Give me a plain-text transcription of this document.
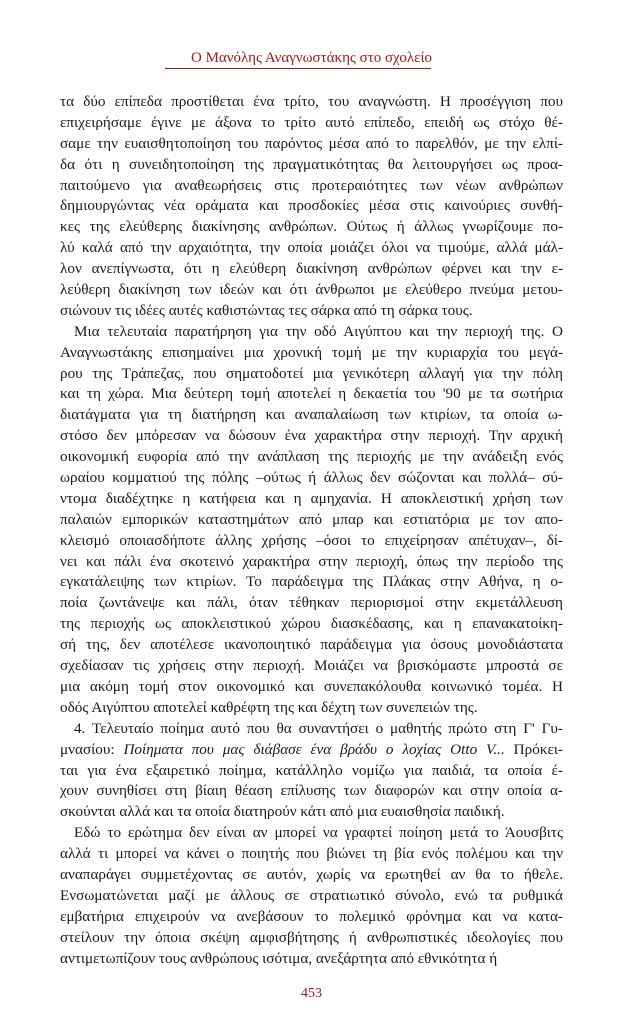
Ο Μανόλης Αναγνωστάκης στο σχολείο
τα δύο επίπεδα προστίθεται ένα τρίτο, του αναγνώστη. Η προσέγγιση που
επιχειρήσαμε έγινε με άξονα το τρίτο αυτό επίπεδο, επειδή ως στόχο θέ-
σαμε την ευαισθητοποίηση του παρόντος μέσα από το παρελθόν, με την ελπί-
δα ότι η συνειδητοποίηση της πραγματικότητας θα λειτουργήσει ως προα-
παιτούμενο για αναθεωρήσεις στις προτεραιότητες των νέων ανθρώπων
δημιουργώντας νέα οράματα και προσδοκίες μέσα στις καινούριες συνθή-
κες της ελεύθερης διακίνησης ανθρώπων. Ούτως ή άλλως γνωρίζουμε πο-
λύ καλά από την αρχαιότητα, την οποία μοιάζει όλοι να τιμούμε, αλλά μάλ-
λον ανεπίγνωστα, ότι η ελεύθερη διακίνηση ανθρώπων φέρνει και την ε-
λεύθερη διακίνηση των ιδεών και ότι άνθρωποι με ελεύθερο πνεύμα μετου-
σιώνουν τις ιδέες αυτές καθιστώντας τες σάρκα από τη σάρκα τους.
Μια τελευταία παρατήρηση για την οδό Αιγύπτου και την περιοχή της. Ο
Αναγνωστάκης επισημαίνει μια χρονική τομή με την κυριαρχία του μεγά-
ρου της Τράπεζας, που σηματοδοτεί μια γενικότερη αλλαγή για την πόλη
και τη χώρα. Μια δεύτερη τομή αποτελεί η δεκαετία του '90 με τα σωτήρια
διατάγματα για τη διατήρηση και αναπαλαίωση των κτιρίων, τα οποία ω-
στόσο δεν μπόρεσαν να δώσουν ένα χαρακτήρα στην περιοχή. Την αρχική
οικονομική ευφορία από την ανάπλαση της περιοχής με την ανάδειξη ενός
ωραίου κομματιού της πόλης –ούτως ή άλλως δεν σώζονται και πολλά– σύ-
ντομα διαδέχτηκε η κατήφεια και η αμηχανία. Η αποκλειστική χρήση των
παλαιών εμπορικών καταστημάτων από μπαρ και εστιατόρια με τον απο-
κλεισμό οποιασδήποτε άλλης χρήσης –όσοι το επιχείρησαν απέτυχαν–, δί-
νει και πάλι ένα σκοτεινό χαρακτήρα στην περιοχή, όπως την περίοδο της
εγκατάλειψης των κτιρίων. Το παράδειγμα της Πλάκας στην Αθήνα, η ο-
ποία ζωντάνεψε και πάλι, όταν τέθηκαν περιορισμοί στην εκμετάλλευση
της περιοχής ως αποκλειστικού χώρου διασκέδασης, και η επανακατοίκη-
σή της, δεν αποτέλεσε ικανοποιητικό παράδειγμα για όσους μονοδιάστατα
σχεδίασαν τις χρήσεις στην περιοχή. Μοιάζει να βρισκόμαστε μπροστά σε
μια ακόμη τομή στον οικονομικό και συνεπακόλουθα κοινωνικό τομέα. Η
οδός Αιγύπτου αποτελεί καθρέφτη της και δέχτη των συνεπειών της.
4. Τελευταίο ποίημα αυτό που θα συναντήσει ο μαθητής πρώτο στη Γ' Γυ-
μνασίου: Ποίηματα που μας διάβασε ένα βράδυ ο λοχίας Otto V... Πρόκει-
ται για ένα εξαιρετικό ποίημα, κατάλληλο νομίζω για παιδιά, τα οποία έ-
χουν συνηθίσει στη βίαιη θέαση επίλυσης των διαφορών και στην οποία α-
σκούνται αλλά και τα οποία διατηρούν κάτι από μια ευαισθησία παιδική.
Εδώ το ερώτημα δεν είναι αν μπορεί να γραφτεί ποίηση μετά το Άουσβιτς
αλλά τι μπορεί να κάνει ο ποιητής που βιώνει τη βία ενός πολέμου και την
αναπαράγει συμμετέχοντας σε αυτόν, χωρίς να ερωτηθεί αν θα το ήθελε.
Ενσωματώνεται μαζί με άλλους σε στρατιωτικό σύνολο, ενώ τα ρυθμικά
εμβατήρια επιχειρούν να ανεβάσουν το πολεμικό φρόνημα και να κατα-
στείλουν την όποια σκέψη αμφισβήτησης ή ανθρωπιστικές ιδεολογίες που
αντιμετωπίζουν τους ανθρώπους ισότιμα, ανεξάρτητα από εθνικότητα ή
453
